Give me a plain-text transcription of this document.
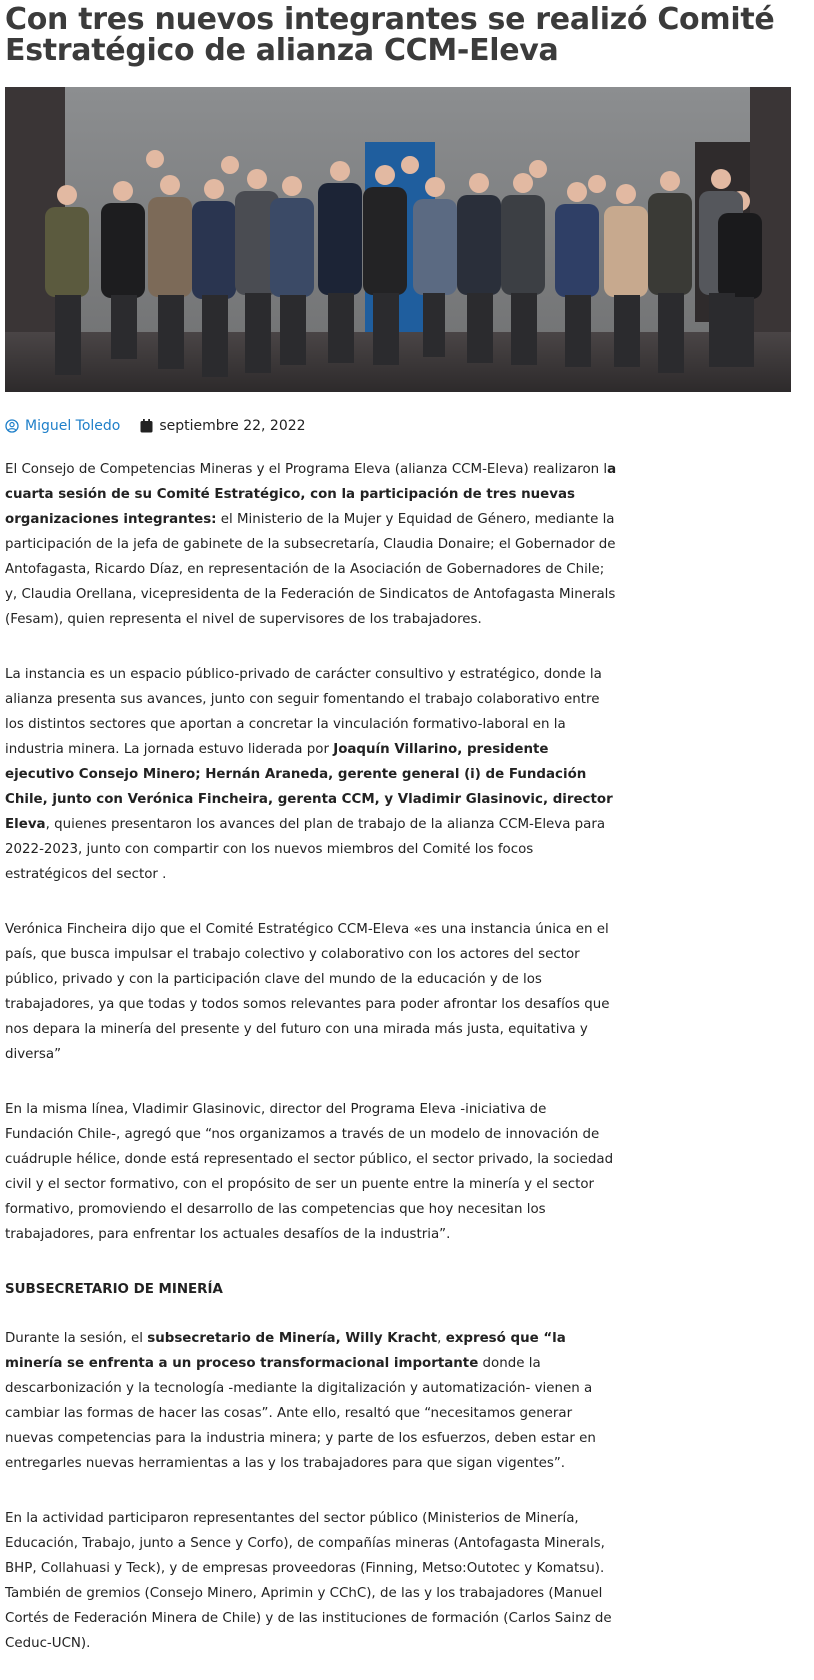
Con tres nuevos integrantes se realizó Comité Estratégico de alianza CCM-Eleva
Miguel Toledo	septiembre 22, 2022

El Consejo de Competencias Mineras y el Programa Eleva (alianza CCM-Eleva) realizaron la cuarta sesión de su Comité Estratégico, con la participación de tres nuevas organizaciones integrantes: el Ministerio de la Mujer y Equidad de Género, mediante la participación de la jefa de gabinete de la subsecretaría, Claudia Donaire; el Gobernador de Antofagasta, Ricardo Díaz, en representación de la Asociación de Gobernadores de Chile; y, Claudia Orellana, vicepresidenta de la Federación de Sindicatos de Antofagasta Minerals (Fesam), quien representa el nivel de supervisores de los trabajadores.

La instancia es un espacio público-privado de carácter consultivo y estratégico, donde la alianza presenta sus avances, junto con seguir fomentando el trabajo colaborativo entre los distintos sectores que aportan a concretar la vinculación formativo-laboral en la industria minera. La jornada estuvo liderada por Joaquín Villarino, presidente ejecutivo Consejo Minero; Hernán Araneda, gerente general (i) de Fundación Chile, junto con Verónica Fincheira, gerenta CCM, y Vladimir Glasinovic, director Eleva, quienes presentaron los avances del plan de trabajo de la alianza CCM-Eleva para 2022-2023, junto con compartir con los nuevos miembros del Comité los focos estratégicos del sector .

Verónica Fincheira dijo que el Comité Estratégico CCM-Eleva «es una instancia única en el país, que busca impulsar el trabajo colectivo y colaborativo con los actores del sector público, privado y con la participación clave del mundo de la educación y de los trabajadores, ya que todas y todos somos relevantes para poder afrontar los desafíos que nos depara la minería del presente y del futuro con una mirada más justa, equitativa y diversa”

En la misma línea, Vladimir Glasinovic, director del Programa Eleva -iniciativa de Fundación Chile-, agregó que “nos organizamos a través de un modelo de innovación de cuádruple hélice, donde está representado el sector público, el sector privado, la sociedad civil y el sector formativo, con el propósito de ser un puente entre la minería y el sector formativo, promoviendo el desarrollo de las competencias que hoy necesitan los trabajadores, para enfrentar los actuales desafíos de la industria”.

SUBSECRETARIO DE MINERÍA

Durante la sesión, el subsecretario de Minería, Willy Kracht, expresó que “la minería se enfrenta a un proceso transformacional importante donde la descarbonización y la tecnología -mediante la digitalización y automatización- vienen a cambiar las formas de hacer las cosas”. Ante ello, resaltó que “necesitamos generar nuevas competencias para la industria minera; y parte de los esfuerzos, deben estar en entregarles nuevas herramientas a las y los trabajadores para que sigan vigentes”.

En la actividad participaron representantes del sector público (Ministerios de Minería, Educación, Trabajo, junto a Sence y Corfo), de compañías mineras (Antofagasta Minerals, BHP, Collahuasi y Teck), y de empresas proveedoras (Finning, Metso:Outotec y Komatsu). También de gremios (Consejo Minero, Aprimin y CChC), de las y los trabajadores (Manuel Cortés de Federación Minera de Chile) y de las instituciones de formación (Carlos Sainz de Ceduc-UCN).
